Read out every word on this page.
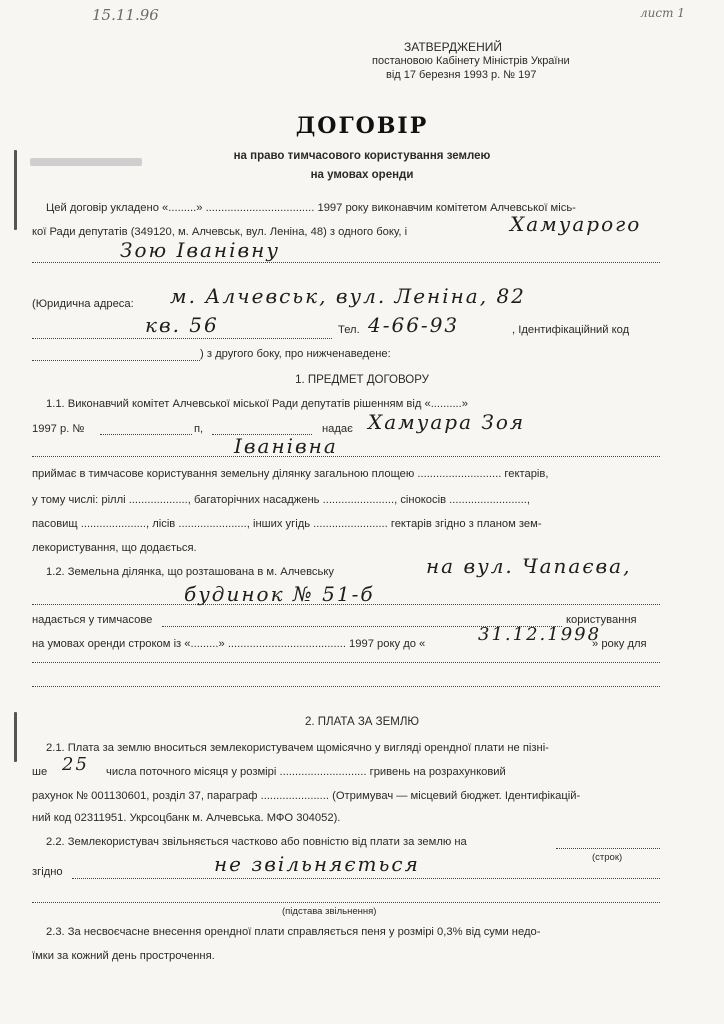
15.11.96	лист 1
ЗАТВЕРДЖЕНИЙ
постановою Кабінету Міністрів України
від 17 березня 1993 р. № 197
ДОГОВІР
на право тимчасового користування землею
на умовах оренди
Цей договір укладено «.........» ................................... 1997 року виконавчим комітетом Алчевської місь-
кої Ради депутатів (349120, м. Алчевськ, вул. Леніна, 48) з одного боку, і	Хамуарого
Зою Іванівну
(Юридична адреса: м. Алчевськ, вул. Леніна, 82
кв. 56	Тел. 4-66-93	, Ідентифікаційний код
) з другого боку, про нижченаведене:
1. ПРЕДМЕТ ДОГОВОРУ
1.1. Виконавчий комітет Алчевської міської Ради депутатів рішенням від «..........»
1997 р. №	п,	надає Хамуара Зоя
Іванівна
приймає в тимчасове користування земельну ділянку загальною площею ........................... гектарів,
у тому числі: ріллі ..................., багаторічних насаджень ......................., сінокосів .........................,
пасовищ ....................., лісів ......................, інших угідь ........................ гектарів згідно з планом зем-
лекористування, що додається.
1.2. Земельна ділянка, що розташована в м. Алчевську	на вул. Чапаєва,
будинок № 51-б
надається у тимчасове	користування
на умовах оренди строком із «.........» ...................................... 1997 року до «	31.12.1998
» року для
2. ПЛАТА ЗА ЗЕМЛЮ
2.1. Плата за землю вноситься землекористувачем щомісячно у вигляді орендної плати не пізні-
ше 25 числа поточного місяця у розмірі ............................ гривень на розрахунковий
рахунок № 001130601, розділ 37, параграф ...................... (Отримувач — місцевий бюджет. Ідентифікацій-
ний код 02311951. Укрсоцбанк м. Алчевська. МФО 304052).
2.2. Землекористувач звільняється частково або повністю від плати за землю на
(строк)
згідно	не звільняється
(підстава звільнення)
2.3. За несвоєчасне внесення орендної плати справляється пеня у розмірі 0,3% від суми недо-
їмки за кожний день прострочення.
